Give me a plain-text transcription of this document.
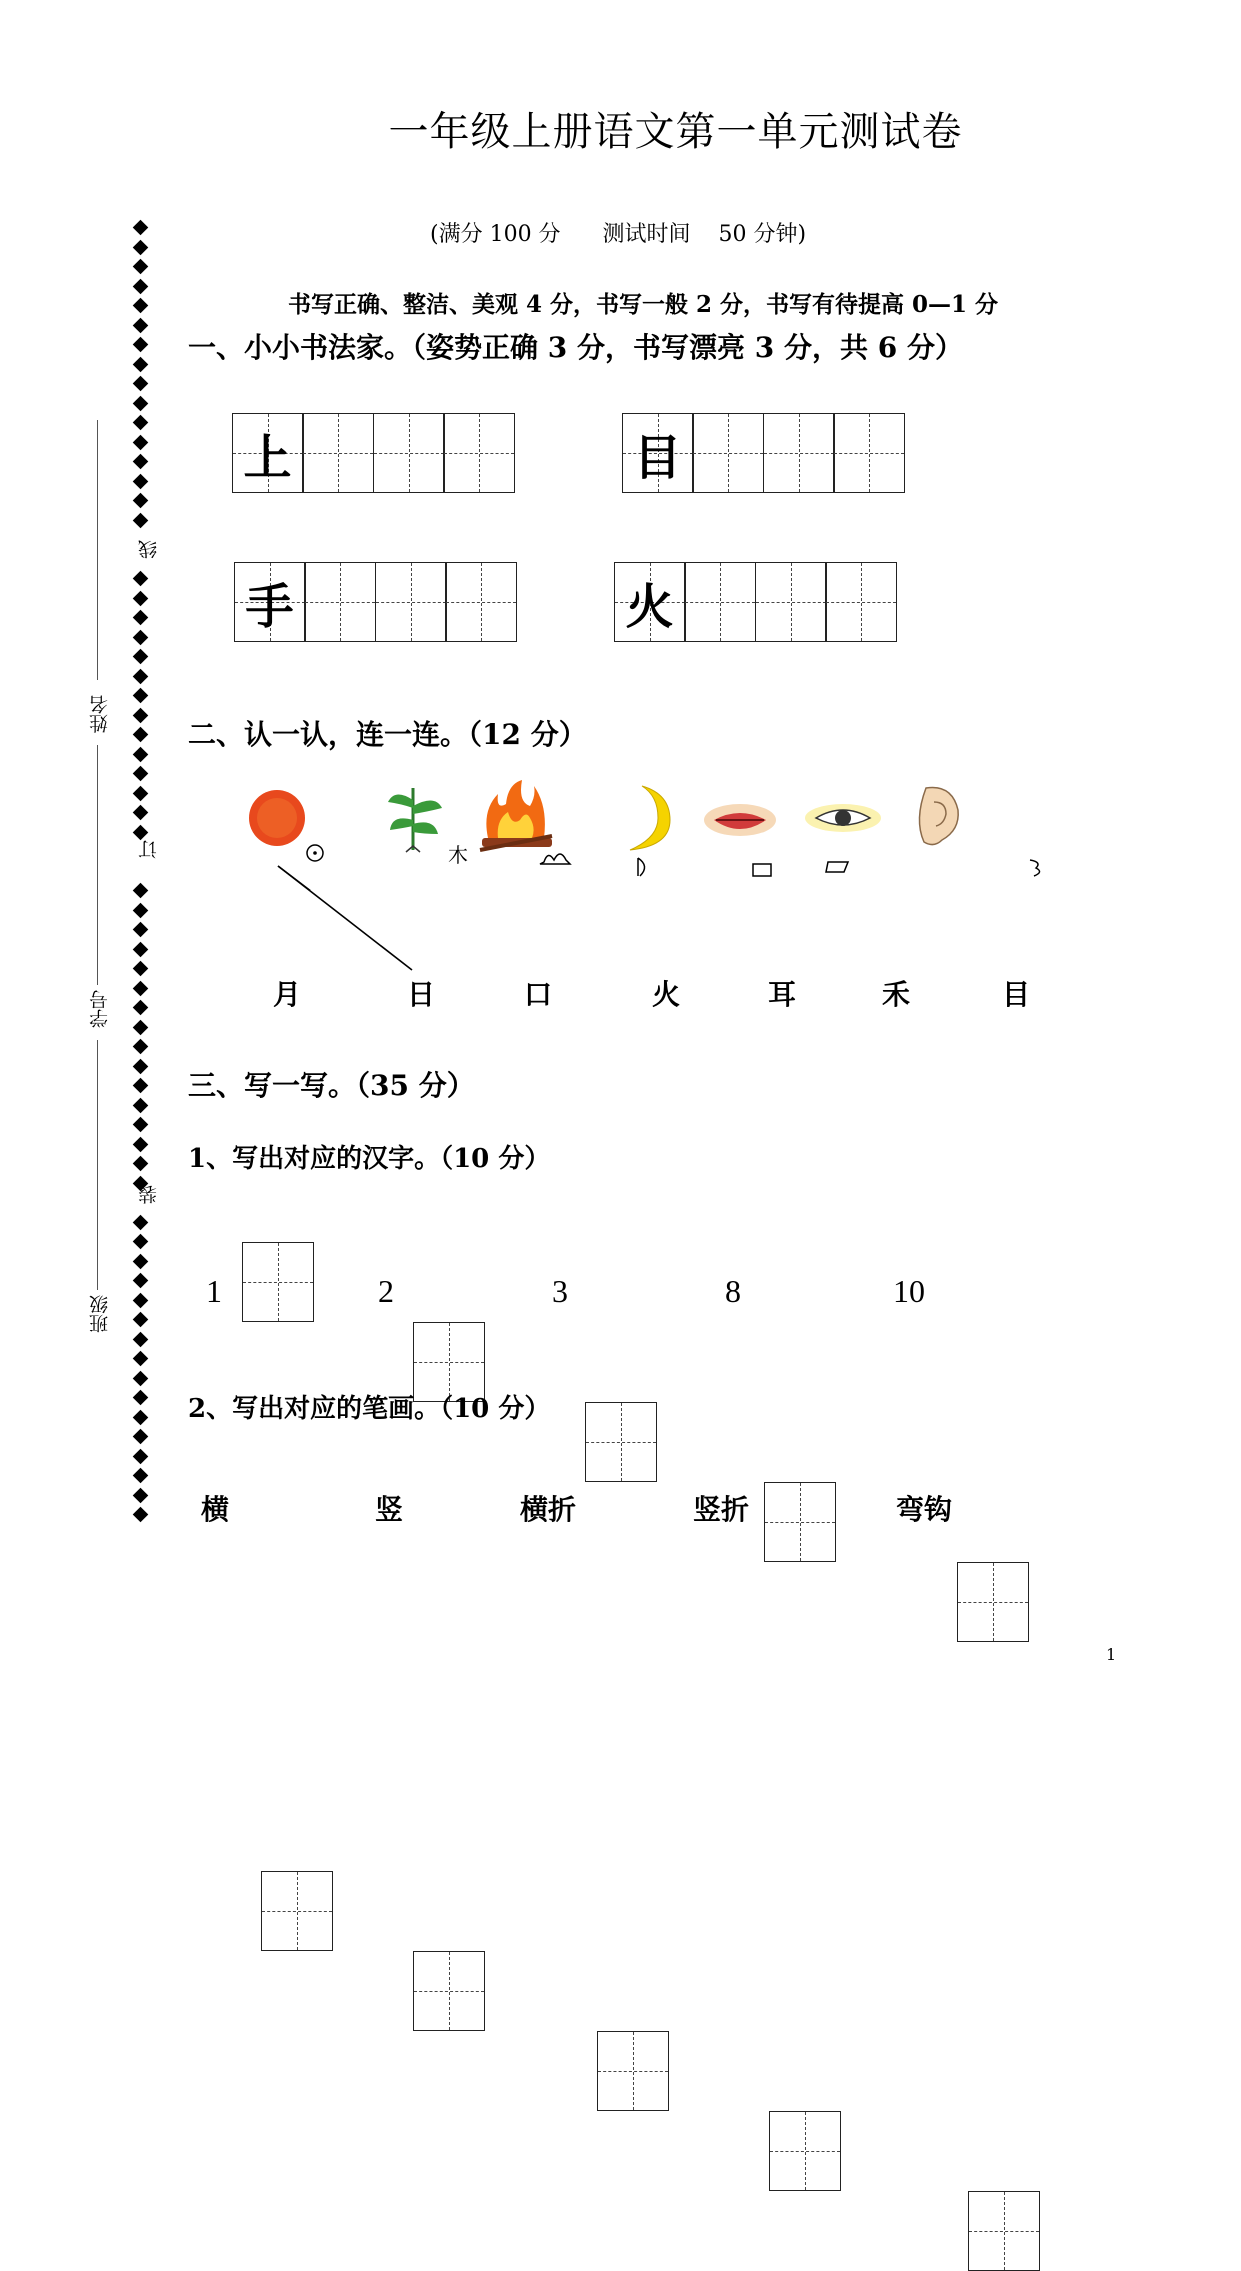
线
订
装
姓名
学号
班级
一年级上册语文第一单元测试卷
(满分 100 分      测试时间    50 分钟)
书写正确、整洁、美观 4 分，书写一般 2 分，书写有待提高 0—1 分
一、小小书法家。（姿势正确 3 分，书写漂亮 3 分，共 6 分）
上	目
手	火
二、认一认，连一连。（12 分）
木
月	日	口	火	耳	禾	目
三、写一写。（35 分）
1、写出对应的汉字。（10 分）
1	2	3	8	10
2、写出对应的笔画。（10 分）
横	竖	横折	竖折	弯钩
1
